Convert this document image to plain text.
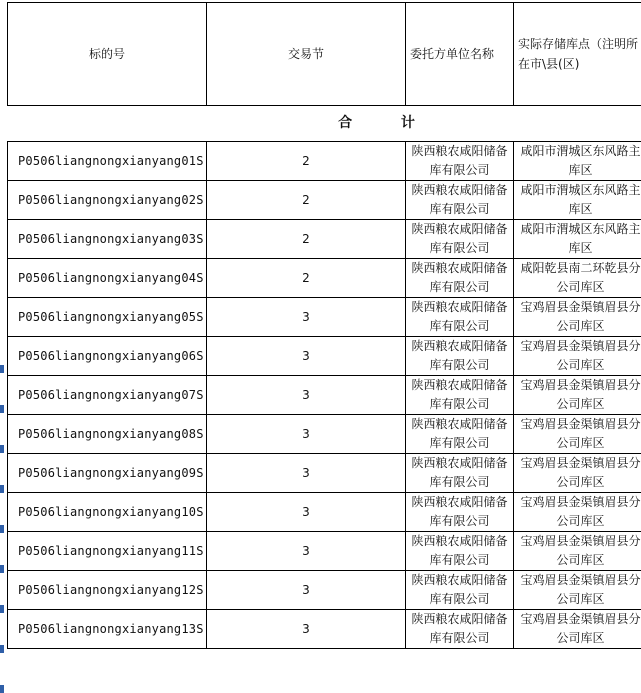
标的号	交易节	委托方单位名称	实际存储库点（注明所在市\县(区)
合 计			
P0506liangnongxianyang01S	2	陕西粮农咸阳储备库有限公司	咸阳市渭城区东风路主库区
P0506liangnongxianyang02S	2	陕西粮农咸阳储备库有限公司	咸阳市渭城区东风路主库区
P0506liangnongxianyang03S	2	陕西粮农咸阳储备库有限公司	咸阳市渭城区东风路主库区
P0506liangnongxianyang04S	2	陕西粮农咸阳储备库有限公司	咸阳乾县南二环乾县分公司库区
P0506liangnongxianyang05S	3	陕西粮农咸阳储备库有限公司	宝鸡眉县金渠镇眉县分公司库区
P0506liangnongxianyang06S	3	陕西粮农咸阳储备库有限公司	宝鸡眉县金渠镇眉县分公司库区
P0506liangnongxianyang07S	3	陕西粮农咸阳储备库有限公司	宝鸡眉县金渠镇眉县分公司库区
P0506liangnongxianyang08S	3	陕西粮农咸阳储备库有限公司	宝鸡眉县金渠镇眉县分公司库区
P0506liangnongxianyang09S	3	陕西粮农咸阳储备库有限公司	宝鸡眉县金渠镇眉县分公司库区
P0506liangnongxianyang10S	3	陕西粮农咸阳储备库有限公司	宝鸡眉县金渠镇眉县分公司库区
P0506liangnongxianyang11S	3	陕西粮农咸阳储备库有限公司	宝鸡眉县金渠镇眉县分公司库区
P0506liangnongxianyang12S	3	陕西粮农咸阳储备库有限公司	宝鸡眉县金渠镇眉县分公司库区
P0506liangnongxianyang13S	3	陕西粮农咸阳储备库有限公司	宝鸡眉县金渠镇眉县分公司库区
